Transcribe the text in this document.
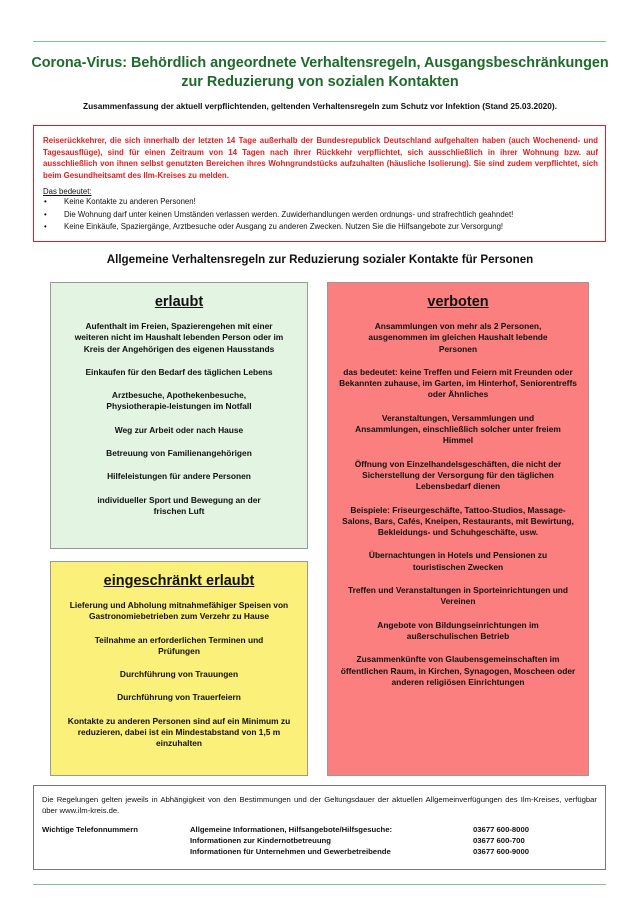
Corona-Virus: Behördlich angeordnete Verhaltensregeln, Ausgangsbeschränkungen
zur Reduzierung von sozialen Kontakten
Zusammenfassung der aktuell verpflichtenden, geltenden Verhaltensregeln zum Schutz vor Infektion (Stand 25.03.2020).
Reiserückkehrer, die sich innerhalb der letzten 14 Tage außerhalb der Bundesrepublick Deutschland aufgehalten haben (auch Wochenend- und Tagesausflüge), sind für einen Zeitraum von 14 Tagen nach ihrer Rückkehr verpflichtet, sich ausschließlich in ihrer Wohnung bzw. auf ausschließlich von ihnen selbst genutzten Bereichen ihres Wohngrundstücks aufzuhalten (häusliche Isolierung). Sie sind zudem verpflichtet, sich beim Gesundheitsamt des Ilm-Kreises zu melden.
Das bedeutet:
• Keine Kontakte zu anderen Personen!
• Die Wohnung darf unter keinen Umständen verlassen werden. Zuwiderhandlungen werden ordnungs- und strafrechtlich geahndet!
• Keine Einkäufe, Spaziergänge, Arztbesuche oder Ausgang zu anderen Zwecken. Nutzen Sie die Hilfsangebote zur Versorgung!
Allgemeine Verhaltensregeln zur Reduzierung sozialer Kontakte für Personen
erlaubt
Aufenthalt im Freien, Spazierengehen mit einer weiteren nicht im Haushalt lebenden Person oder im Kreis der Angehörigen des eigenen Hausstands
Einkaufen für den Bedarf des täglichen Lebens
Arztbesuche, Apothekenbesuche, Physiotherapie-leistungen im Notfall
Weg zur Arbeit oder nach Hause
Betreuung von Familienangehörigen
Hilfeleistungen für andere Personen
individueller Sport und Bewegung an der frischen Luft
eingeschränkt erlaubt
Lieferung und Abholung mitnahmefähiger Speisen von Gastronomiebetrieben zum Verzehr zu Hause
Teilnahme an erforderlichen Terminen und Prüfungen
Durchführung von Trauungen
Durchführung von Trauerfeiern
Kontakte zu anderen Personen sind auf ein Minimum zu reduzieren, dabei ist ein Mindestabstand von 1,5 m einzuhalten
verboten
Ansammlungen von mehr als 2 Personen, ausgenommen im gleichen Haushalt lebende Personen
das bedeutet: keine Treffen und Feiern mit Freunden oder Bekannten zuhause, im Garten, im Hinterhof, Seniorentreffs oder Ähnliches
Veranstaltungen, Versammlungen und Ansammlungen, einschließlich solcher unter freiem Himmel
Öffnung von Einzelhandelsgeschäften, die nicht der Sicherstellung der Versorgung für den täglichen Lebensbedarf dienen
Beispiele: Friseurgeschäfte, Tattoo-Studios, Massage-Salons, Bars, Cafés, Kneipen, Restaurants, mit Bewirtung, Bekleidungs- und Schuhgeschäfte, usw.
Übernachtungen in Hotels und Pensionen zu touristischen Zwecken
Treffen und Veranstaltungen in Sporteinrichtungen und Vereinen
Angebote von Bildungseinrichtungen im außerschulischen Betrieb
Zusammenkünfte von Glaubensgemeinschaften im öffentlichen Raum, in Kirchen, Synagogen, Moscheen oder anderen religiösen Einrichtungen
Die Regelungen gelten jeweils in Abhängigkeit von den Bestimmungen und der Geltungsdauer der aktuellen Allgemeinverfügungen des Ilm-Kreises, verfügbar über www.ilm-kreis.de.
Wichtige Telefonnummern	Allgemeine Informationen, Hilfsangebote/Hilfsgesuche:	03677 600-8000
Informationen zur Kindernotbetreuung	03677 600-700
Informationen für Unternehmen und Gewerbetreibende	03677 600-9000
